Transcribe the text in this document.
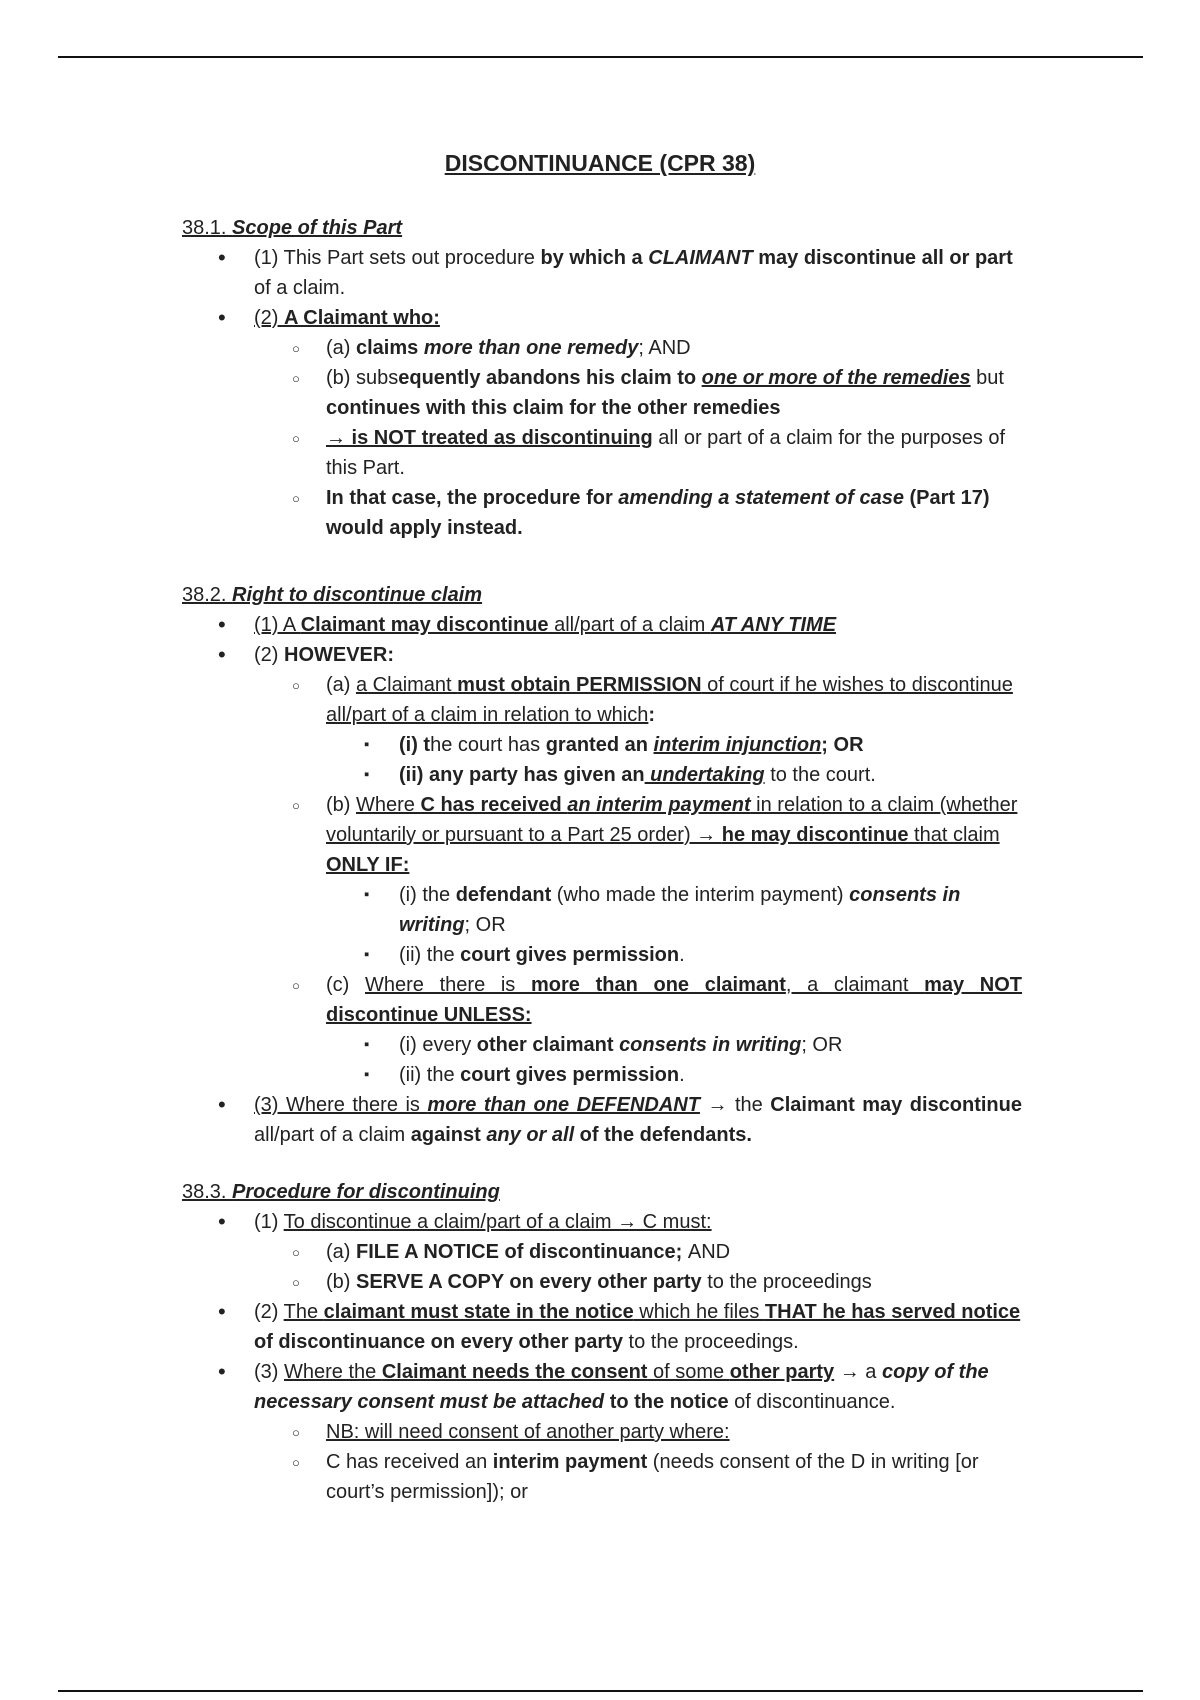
DISCONTINUANCE (CPR 38)
38.1. Scope of this Part
• (1) This Part sets out procedure by which a CLAIMANT may discontinue all or part of a claim.
• (2) A Claimant who:
○ (a) claims more than one remedy; AND
○ (b) subsequently abandons his claim to one or more of the remedies but continues with this claim for the other remedies
○ → is NOT treated as discontinuing all or part of a claim for the purposes of this Part.
○ In that case, the procedure for amending a statement of case (Part 17) would apply instead.
38.2. Right to discontinue claim
• (1) A Claimant may discontinue all/part of a claim AT ANY TIME
• (2) HOWEVER:
○ (a) a Claimant must obtain PERMISSION of court if he wishes to discontinue all/part of a claim in relation to which:
▪ (i) the court has granted an interim injunction; OR
▪ (ii) any party has given an undertaking to the court.
○ (b) Where C has received an interim payment in relation to a claim (whether voluntarily or pursuant to a Part 25 order) → he may discontinue that claim ONLY IF:
▪ (i) the defendant (who made the interim payment) consents in writing; OR
▪ (ii) the court gives permission.
○ (c) Where there is more than one claimant, a claimant may NOT discontinue UNLESS:
▪ (i) every other claimant consents in writing; OR
▪ (ii) the court gives permission.
• (3) Where there is more than one DEFENDANT → the Claimant may discontinue all/part of a claim against any or all of the defendants.
38.3. Procedure for discontinuing
• (1) To discontinue a claim/part of a claim → C must:
○ (a) FILE A NOTICE of discontinuance; AND
○ (b) SERVE A COPY on every other party to the proceedings
• (2) The claimant must state in the notice which he files THAT he has served notice of discontinuance on every other party to the proceedings.
• (3) Where the Claimant needs the consent of some other party → a copy of the necessary consent must be attached to the notice of discontinuance.
○ NB: will need consent of another party where:
○ C has received an interim payment (needs consent of the D in writing [or court’s permission]); or
